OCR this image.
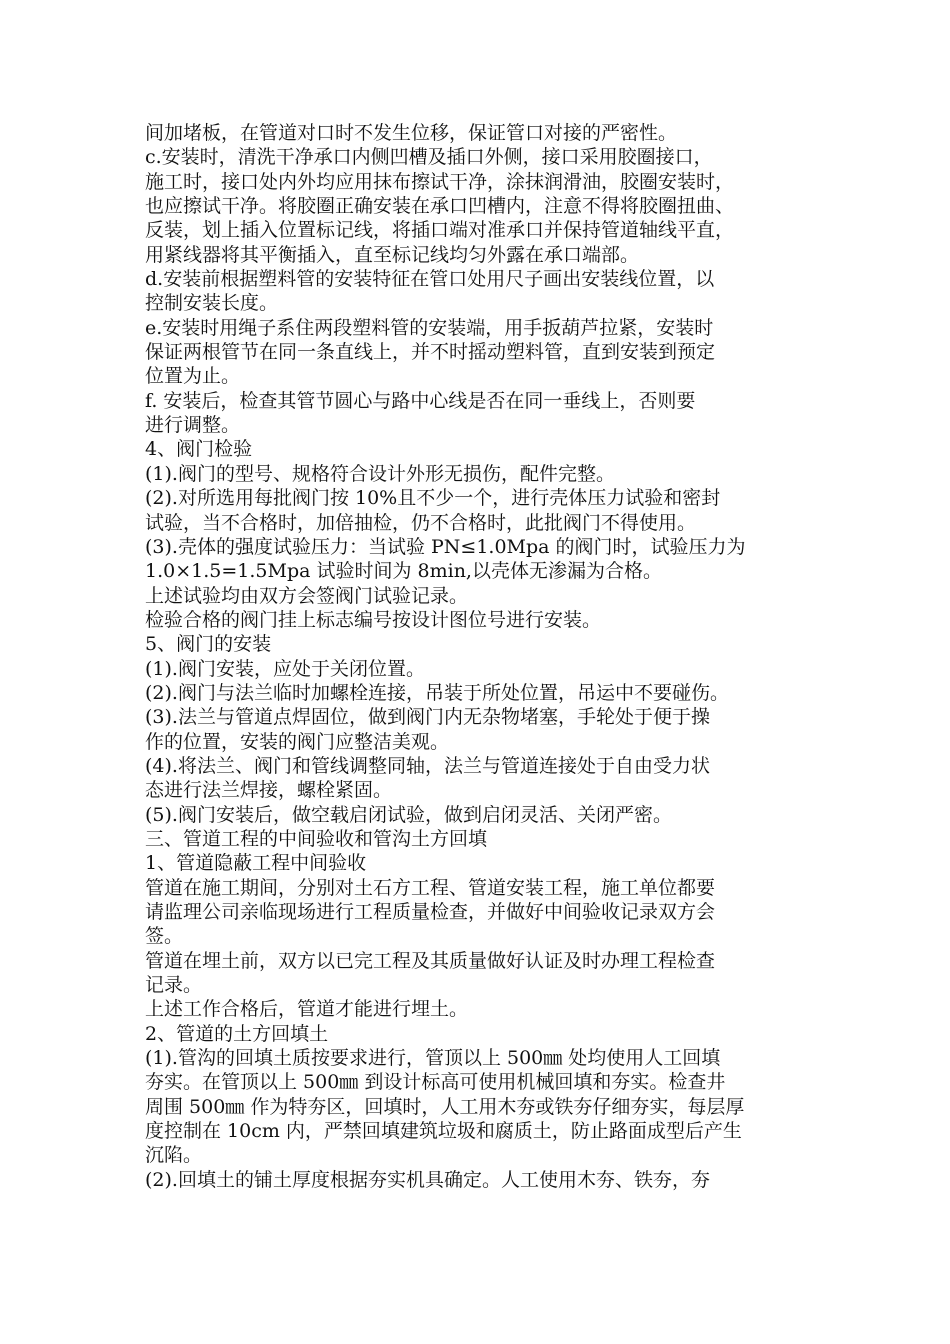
间加堵板，在管道对口时不发生位移，保证管口对接的严密性。
c.安装时，清洗干净承口内侧凹槽及插口外侧，接口采用胶圈接口，
施工时，接口处内外均应用抹布擦试干净，涂抹润滑油，胶圈安装时，
也应擦试干净。将胶圈正确安装在承口凹槽内，注意不得将胶圈扭曲、
反装，划上插入位置标记线，将插口端对准承口并保持管道轴线平直，
用紧线器将其平衡插入，直至标记线均匀外露在承口端部。
d.安装前根据塑料管的安装特征在管口处用尺子画出安装线位置，以
控制安装长度。
e.安装时用绳子系住两段塑料管的安装端，用手扳葫芦拉紧，安装时
保证两根管节在同一条直线上，并不时摇动塑料管，直到安装到预定
位置为止。
f. 安装后，检查其管节圆心与路中心线是否在同一垂线上，否则要
进行调整。
4、阀门检验
(1).阀门的型号、规格符合设计外形无损伤，配件完整。
(2).对所选用每批阀门按 10%且不少一个，进行壳体压力试验和密封
试验，当不合格时，加倍抽检，仍不合格时，此批阀门不得使用。
(3).壳体的强度试验压力：当试验 PN≤1.0Mpa 的阀门时，试验压力为
1.0×1.5=1.5Mpa 试验时间为 8min,以壳体无渗漏为合格。
上述试验均由双方会签阀门试验记录。
检验合格的阀门挂上标志编号按设计图位号进行安装。
5、阀门的安装
(1).阀门安装，应处于关闭位置。
(2).阀门与法兰临时加螺栓连接，吊装于所处位置，吊运中不要碰伤。
(3).法兰与管道点焊固位，做到阀门内无杂物堵塞，手轮处于便于操
作的位置，安装的阀门应整洁美观。
(4).将法兰、阀门和管线调整同轴，法兰与管道连接处于自由受力状
态进行法兰焊接，螺栓紧固。
(5).阀门安装后，做空载启闭试验，做到启闭灵活、关闭严密。
三、管道工程的中间验收和管沟土方回填
1、管道隐蔽工程中间验收
管道在施工期间，分别对土石方工程、管道安装工程，施工单位都要
请监理公司亲临现场进行工程质量检查，并做好中间验收记录双方会
签。
管道在埋土前，双方以已完工程及其质量做好认证及时办理工程检查
记录。
上述工作合格后，管道才能进行埋土。
2、管道的土方回填土
(1).管沟的回填土质按要求进行，管顶以上 500㎜ 处均使用人工回填
夯实。在管顶以上 500㎜ 到设计标高可使用机械回填和夯实。检查井
周围 500㎜ 作为特夯区，回填时，人工用木夯或铁夯仔细夯实，每层厚
度控制在 10cm 内，严禁回填建筑垃圾和腐质土，防止路面成型后产生
沉陷。
(2).回填土的铺土厚度根据夯实机具确定。人工使用木夯、铁夯，夯
